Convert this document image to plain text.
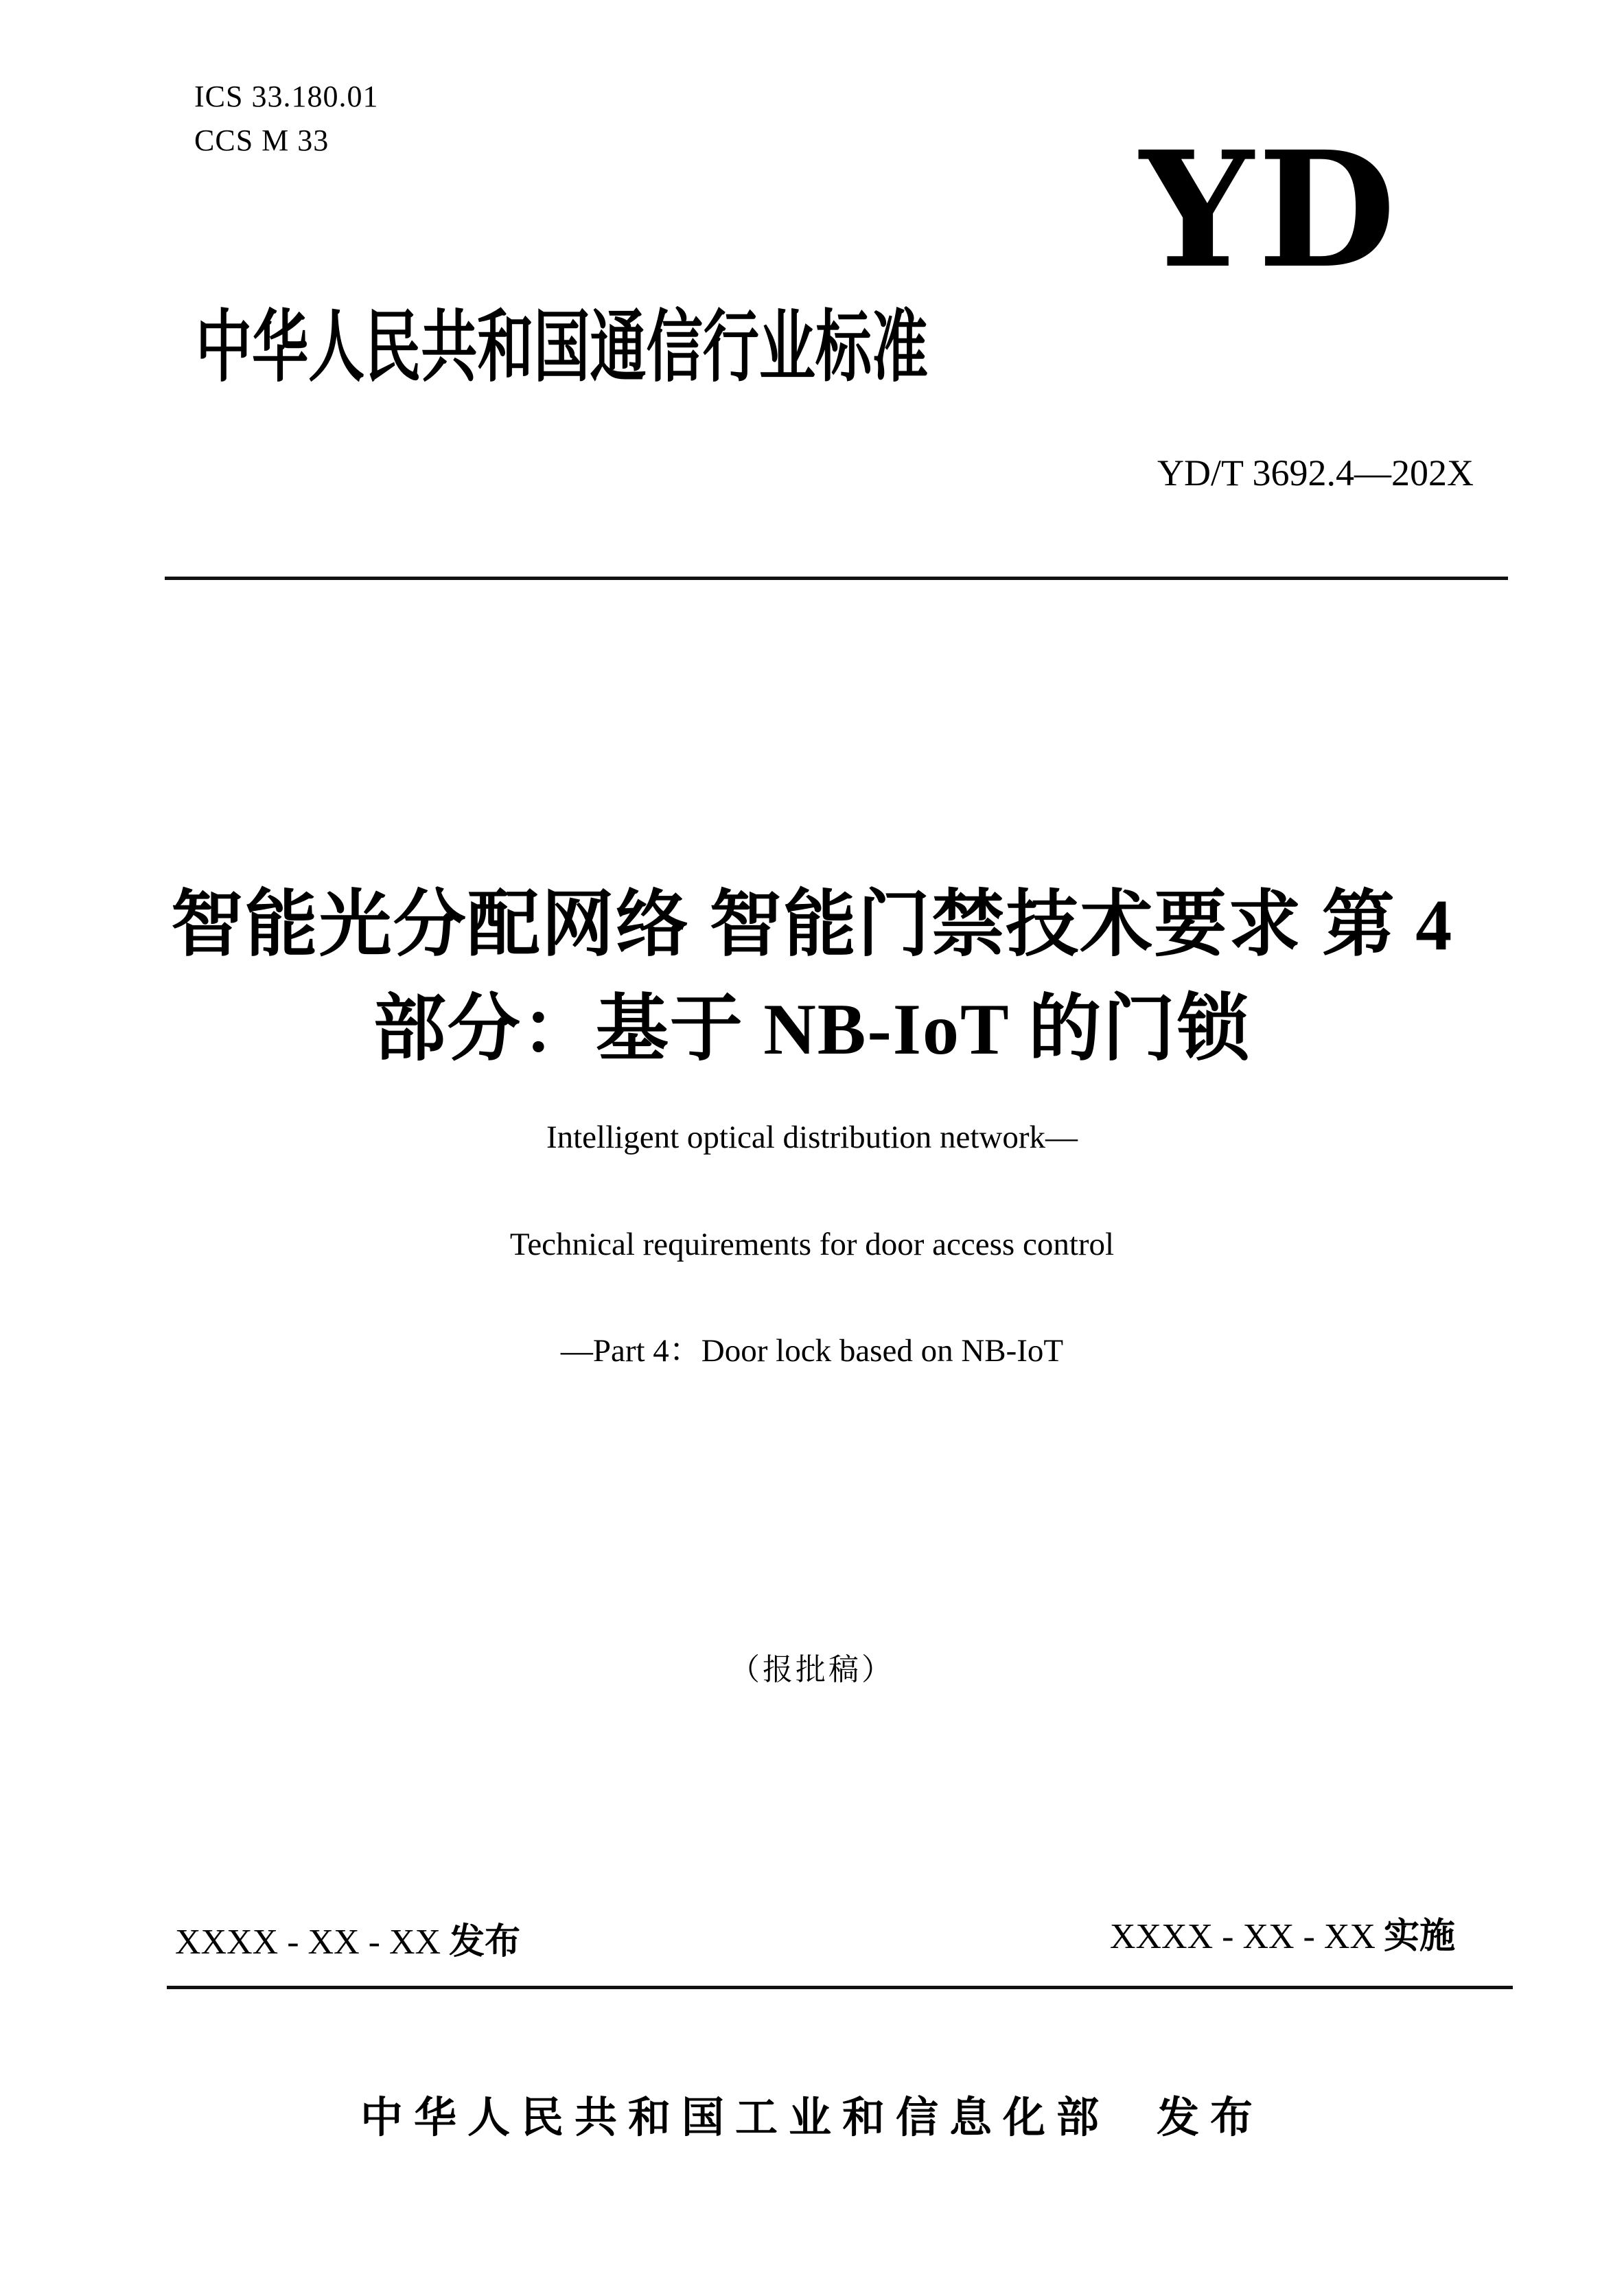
ICS 33.180.01
CCS M 33	YD
中华人民共和国通信行业标准
YD/T 3692.4—202X
智能光分配网络 智能门禁技术要求 第 4
部分：基于 NB-IoT 的门锁
Intelligent optical distribution network—
Technical requirements for door access control
—Part 4：Door lock based on NB-IoT
（报批稿）
XXXX - XX - XX 发布	XXXX - XX - XX 实施
中华人民共和国工业和信息化部 发布
